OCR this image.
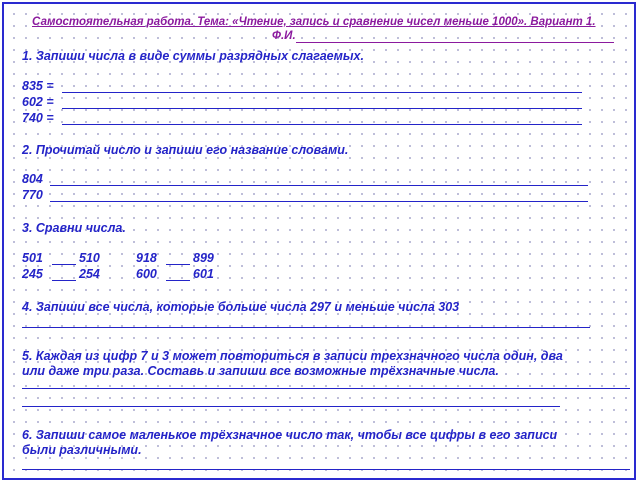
Самостоятельная работа. Тема: «Чтение, запись и сравнение чисел меньше 1000». Вариант 1.
Ф.И.
1. Запиши числа в виде суммы разрядных слагаемых.
835 =
602 =
740 =
2. Прочитай число и запиши его название словами.
804
770
3. Сравни числа.
501	510	918	899
245	254	600	601
4. Запиши все числа, которые больше числа 297 и меньше числа 303
5. Каждая из цифр 7 и 3 может повториться в записи трехзначного числа один, два
или даже три раза. Составь и запиши все возможные трёхзначные числа.
6. Запиши самое маленькое трёхзначное число так, чтобы все цифры в его записи
были различными.
